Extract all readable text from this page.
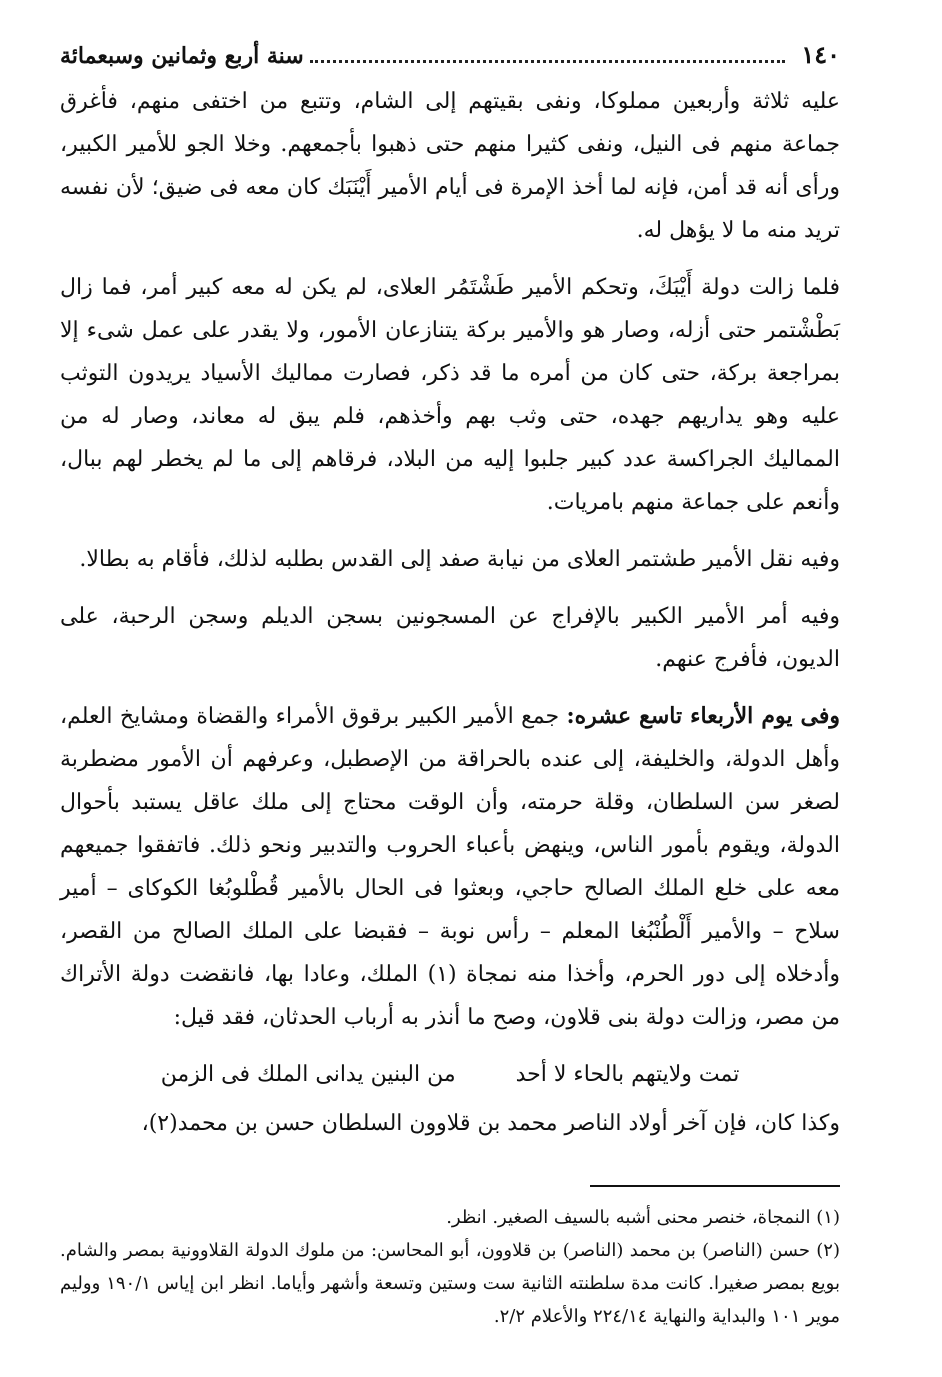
١٤٠
سنة أربع وثمانين وسبعمائة

عليه ثلاثة وأربعين مملوكا، ونفى بقيتهم إلى الشام، وتتبع من اختفى منهم، فأغرق جماعة منهم فى النيل، ونفى كثيرا منهم حتى ذهبوا بأجمعهم. وخلا الجو للأمير الكبير، ورأى أنه قد أمن، فإنه لما أخذ الإمرة فى أيام الأمير أَيْنَبَك كان معه فى ضيق؛ لأن نفسه تريد منه ما لا يؤهل له.

فلما زالت دولة أَيْبَكَ، وتحكم الأمير طَشْتَمُر العلاى، لم يكن له معه كبير أمر، فما زال بَطْشْتمر حتى أزله، وصار هو والأمير بركة يتنازعان الأمور، ولا يقدر على عمل شىء إلا بمراجعة بركة، حتى كان من أمره ما قد ذكر، فصارت مماليك الأسياد يريدون التوثب عليه وهو يداريهم جهده، حتى وثب بهم وأخذهم، فلم يبق له معاند، وصار له من المماليك الجراكسة عدد كبير جلبوا إليه من البلاد، فرقاهم إلى ما لم يخطر لهم ببال، وأنعم على جماعة منهم بامريات.

وفيه نقل الأمير طشتمر العلاى من نيابة صفد إلى القدس بطلبه لذلك، فأقام به بطالا.

وفيه أمر الأمير الكبير بالإفراج عن المسجونين بسجن الديلم وسجن الرحبة، على الديون، فأفرج عنهم.

وفى يوم الأربعاء تاسع عشره: جمع الأمير الكبير برقوق الأمراء والقضاة ومشايخ العلم، وأهل الدولة، والخليفة، إلى عنده بالحراقة من الإصطبل، وعرفهم أن الأمور مضطربة لصغر سن السلطان، وقلة حرمته، وأن الوقت محتاج إلى ملك عاقل يستبد بأحوال الدولة، ويقوم بأمور الناس، وينهض بأعباء الحروب والتدبير ونحو ذلك. فاتفقوا جميعهم معه على خلع الملك الصالح حاجي، وبعثوا فى الحال بالأمير قُطْلوبُغا الكوكاى – أمير سلاح – والأمير أَلْطُنْبُغا المعلم – رأس نوبة – فقبضا على الملك الصالح من القصر، وأدخلاه إلى دور الحرم، وأخذا منه نمجاة (١) الملك، وعادا بها، فانقضت دولة الأتراك من مصر، وزالت دولة بنى قلاون، وصح ما أنذر به أرباب الحدثان، فقد قيل:

تمت ولايتهم بالحاء لا أحد
من البنين يدانى الملك فى الزمن

وكذا كان، فإن آخر أولاد الناصر محمد بن قلاوون السلطان حسن بن محمد(٢)،

(١) النمجاة، خنصر محنى أشبه بالسيف الصغير. انظر.

(٢) حسن (الناصر) بن محمد (الناصر) بن قلاوون، أبو المحاسن: من ملوك الدولة القلاوونية بمصر والشام. بويع بمصر صغيرا. كانت مدة سلطنته الثانية ست وستين وتسعة وأشهر وأياما. انظر ابن إياس ١٩٠/١ ووليم موير ١٠١ والبداية والنهاية ٢٢٤/١٤ والأعلام ٢/٢.
